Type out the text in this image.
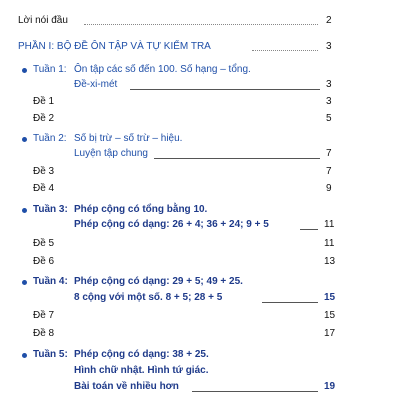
Lời nói đầu	2
PHẦN I: BỘ ĐỀ ÔN TẬP VÀ TỰ KIỂM TRA	3
Tuần 1: Ôn tập các số đến 100. Số hạng – tổng.
Đề-xi-mét	3
Đề 1	3
Đề 2	5
Tuần 2: Số bị trừ – số trừ – hiệu.
Luyện tập chung	7
Đề 3	7
Đề 4	9
Tuần 3: Phép cộng có tổng bằng 10.
Phép cộng có dạng: 26 + 4; 36 + 24; 9 + 5	11
Đề 5	11
Đề 6	13
Tuần 4: Phép cộng có dạng: 29 + 5; 49 + 25.
8 cộng với một số. 8 + 5; 28 + 5	15
Đề 7	15
Đề 8	17
Tuần 5: Phép cộng có dạng: 38 + 25.
Hình chữ nhật. Hình tứ giác.
Bài toán về nhiều hơn	19
